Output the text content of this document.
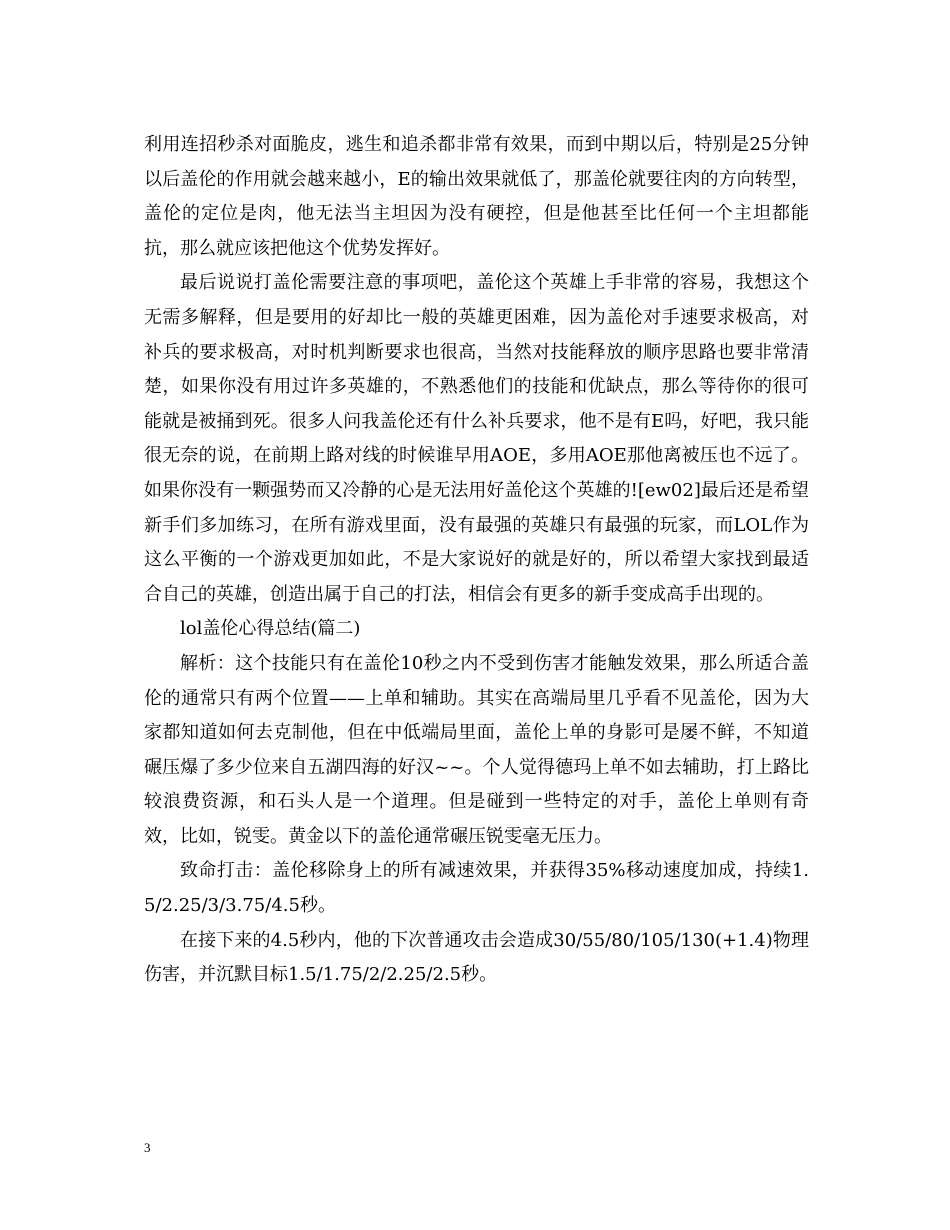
利用连招秒杀对面脆皮，逃生和追杀都非常有效果，而到中期以后，特别是25分钟以后盖伦的作用就会越来越小，E的输出效果就低了，那盖伦就要往肉的方向转型，盖伦的定位是肉，他无法当主坦因为没有硬控，但是他甚至比任何一个主坦都能抗，那么就应该把他这个优势发挥好。

最后说说打盖伦需要注意的事项吧，盖伦这个英雄上手非常的容易，我想这个无需多解释，但是要用的好却比一般的英雄更困难，因为盖伦对手速要求极高，对补兵的要求极高，对时机判断要求也很高，当然对技能释放的顺序思路也要非常清楚，如果你没有用过许多英雄的，不熟悉他们的技能和优缺点，那么等待你的很可能就是被捅到死。很多人问我盖伦还有什么补兵要求，他不是有E吗，好吧，我只能很无奈的说，在前期上路对线的时候谁早用AOE，多用AOE那他离被压也不远了。如果你没有一颗强势而又冷静的心是无法用好盖伦这个英雄的![ew02]最后还是希望新手们多加练习，在所有游戏里面，没有最强的英雄只有最强的玩家，而LOL作为这么平衡的一个游戏更加如此，不是大家说好的就是好的，所以希望大家找到最适合自己的英雄，创造出属于自己的打法，相信会有更多的新手变成高手出现的。

lol盖伦心得总结(篇二)

解析：这个技能只有在盖伦10秒之内不受到伤害才能触发效果，那么所适合盖伦的通常只有两个位置——上单和辅助。其实在高端局里几乎看不见盖伦，因为大家都知道如何去克制他，但在中低端局里面，盖伦上单的身影可是屡不鲜，不知道碾压爆了多少位来自五湖四海的好汉~~。个人觉得德玛上单不如去辅助，打上路比较浪费资源，和石头人是一个道理。但是碰到一些特定的对手，盖伦上单则有奇效，比如，锐雯。黄金以下的盖伦通常碾压锐雯毫无压力。

致命打击：盖伦移除身上的所有减速效果，并获得35%移动速度加成，持续1.5/2.25/3/3.75/4.5秒。

在接下来的4.5秒内，他的下次普通攻击会造成30/55/80/105/130(+1.4)物理伤害，并沉默目标1.5/1.75/2/2.25/2.5秒。

3
